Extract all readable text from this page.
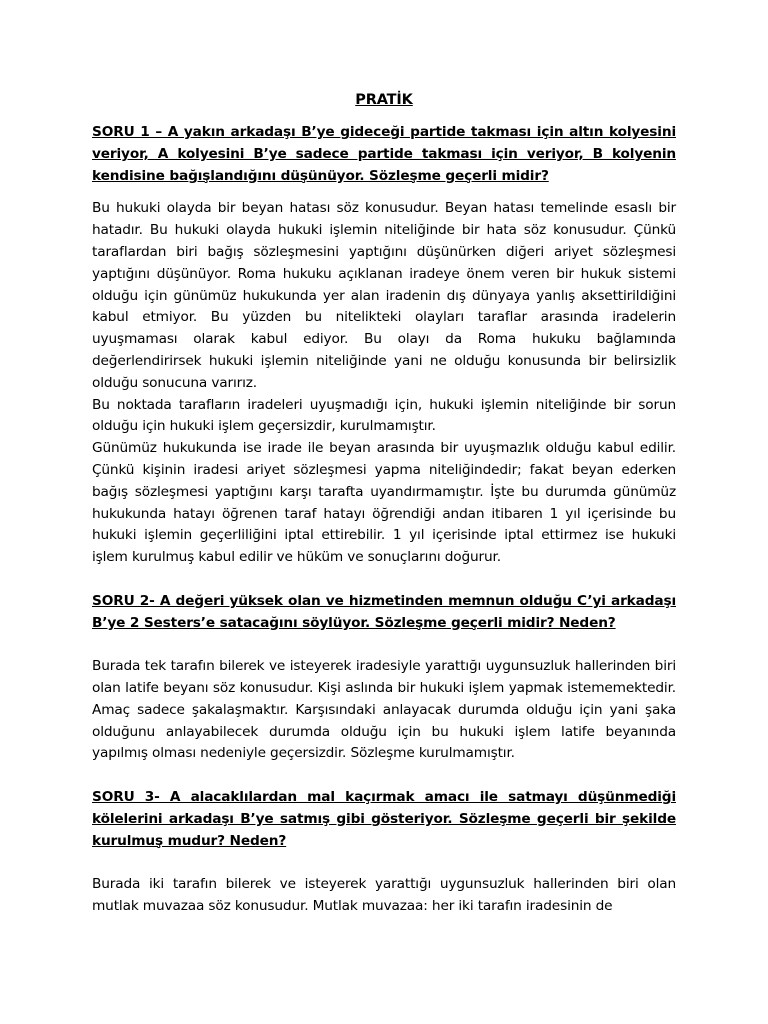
PRATİK

SORU 1 – A yakın arkadaşı B’ye gideceği partide takması için altın kolyesini veriyor, A kolyesini B’ye sadece partide takması için veriyor, B kolyenin kendisine bağışlandığını düşünüyor. Sözleşme geçerli midir?

Bu hukuki olayda bir beyan hatası söz konusudur. Beyan hatası temelinde esaslı bir hatadır. Bu hukuki olayda hukuki işlemin niteliğinde bir hata söz konusudur. Çünkü taraflardan biri bağış sözleşmesini yaptığını düşünürken diğeri ariyet sözleşmesi yaptığını düşünüyor. Roma hukuku açıklanan iradeye önem veren bir hukuk sistemi olduğu için günümüz hukukunda yer alan iradenin dış dünyaya yanlış aksettirildiğini kabul etmiyor. Bu yüzden bu nitelikteki olayları taraflar arasında iradelerin uyuşmaması olarak kabul ediyor. Bu olayı da Roma hukuku bağlamında değerlendirirsek hukuki işlemin niteliğinde yani ne olduğu konusunda bir belirsizlik olduğu sonucuna varırız.

Bu noktada tarafların iradeleri uyuşmadığı için, hukuki işlemin niteliğinde bir sorun olduğu için hukuki işlem geçersizdir, kurulmamıştır.

Günümüz hukukunda ise irade ile beyan arasında bir uyuşmazlık olduğu kabul edilir. Çünkü kişinin iradesi ariyet sözleşmesi yapma niteliğindedir; fakat beyan ederken bağış sözleşmesi yaptığını karşı tarafta uyandırmamıştır. İşte bu durumda günümüz hukukunda hatayı öğrenen taraf hatayı öğrendiği andan itibaren 1 yıl içerisinde bu hukuki işlemin geçerliliğini iptal ettirebilir. 1 yıl içerisinde iptal ettirmez ise hukuki işlem kurulmuş kabul edilir ve hüküm ve sonuçlarını doğurur.

SORU 2- A değeri yüksek olan ve hizmetinden memnun olduğu C’yi arkadaşı B’ye 2 Sesters’e satacağını söylüyor. Sözleşme geçerli midir? Neden?

Burada tek tarafın bilerek ve isteyerek iradesiyle yarattığı uygunsuzluk hallerinden biri olan latife beyanı söz konusudur. Kişi aslında bir hukuki işlem yapmak istememektedir. Amaç sadece şakalaşmaktır. Karşısındaki anlayacak durumda olduğu için yani şaka olduğunu anlayabilecek durumda olduğu için bu hukuki işlem latife beyanında yapılmış olması nedeniyle geçersizdir. Sözleşme kurulmamıştır.

SORU 3- A alacaklılardan mal kaçırmak amacı ile satmayı düşünmediği kölelerini arkadaşı B’ye satmış gibi gösteriyor. Sözleşme geçerli bir şekilde kurulmuş mudur? Neden?

Burada iki tarafın bilerek ve isteyerek yarattığı uygunsuzluk hallerinden biri olan mutlak muvazaa söz konusudur. Mutlak muvazaa: her iki tarafın iradesinin de
